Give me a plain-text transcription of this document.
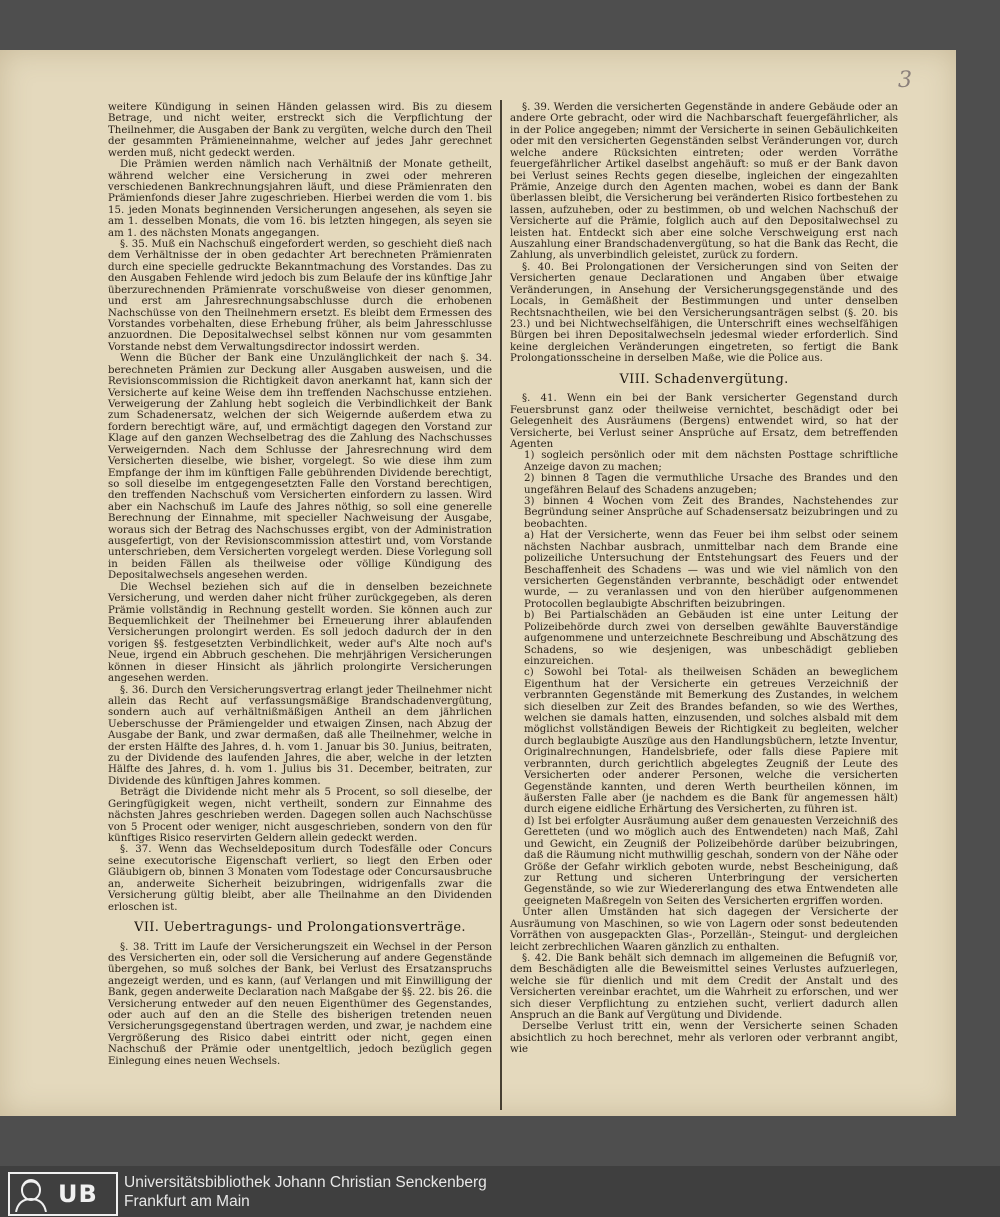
3

weitere Kündigung in seinen Händen gelassen wird. Bis zu diesem Betrage, und nicht weiter, erstreckt sich die Verpflichtung der Theilnehmer, die Ausgaben der Bank zu vergüten, welche durch den Theil der gesammten Prämieneinnahme, welcher auf jedes Jahr gerechnet werden muß, nicht gedeckt werden.

Die Prämien werden nämlich nach Verhältniß der Monate getheilt, während welcher eine Versicherung in zwei oder mehreren verschiedenen Bankrechnungsjahren läuft, und diese Prämienraten den Prämienfonds dieser Jahre zugeschrieben. Hierbei werden die vom 1. bis 15. jeden Monats beginnenden Versicherungen angesehen, als seyen sie am 1. desselben Monats, die vom 16. bis letzten hingegen, als seyen sie am 1. des nächsten Monats angegangen.

§. 35. Muß ein Nachschuß eingefordert werden, so geschieht dieß nach dem Verhältnisse der in oben gedachter Art berechneten Prämienraten durch eine specielle gedruckte Bekanntmachung des Vorstandes. Das zu den Ausgaben Fehlende wird jedoch bis zum Belaufe der ins künftige Jahr überzurechnenden Prämienrate vorschußweise von dieser genommen, und erst am Jahresrechnungsabschlusse durch die erhobenen Nachschüsse von den Theilnehmern ersetzt. Es bleibt dem Ermessen des Vorstandes vorbehalten, diese Erhebung früher, als beim Jahresschlusse anzuordnen. Die Depositalwechsel selbst können nur vom gesammten Vorstande nebst dem Verwaltungsdirector indossirt werden.

Wenn die Bücher der Bank eine Unzulänglichkeit der nach §. 34. berechneten Prämien zur Deckung aller Ausgaben ausweisen, und die Revisionscommission die Richtigkeit davon anerkannt hat, kann sich der Versicherte auf keine Weise dem ihn treffenden Nachschusse entziehen. Verweigerung der Zahlung hebt sogleich die Verbindlichkeit der Bank zum Schadenersatz, welchen der sich Weigernde außerdem etwa zu fordern berechtigt wäre, auf, und ermächtigt dagegen den Vorstand zur Klage auf den ganzen Wechselbetrag des die Zahlung des Nachschusses Verweigernden. Nach dem Schlusse der Jahresrechnung wird dem Versicherten dieselbe, wie bisher, vorgelegt. So wie diese ihm zum Empfange der ihm im künftigen Falle gebührenden Dividende berechtigt, so soll dieselbe im entgegengesetzten Falle den Vorstand berechtigen, den treffenden Nachschuß vom Versicherten einfordern zu lassen. Wird aber ein Nachschuß im Laufe des Jahres nöthig, so soll eine generelle Berechnung der Einnahme, mit specieller Nachweisung der Ausgabe, woraus sich der Betrag des Nachschusses ergibt, von der Administration ausgefertigt, von der Revisionscommission attestirt und, vom Vorstande unterschrieben, dem Versicherten vorgelegt werden. Diese Vorlegung soll in beiden Fällen als theilweise oder völlige Kündigung des Depositalwechsels angesehen werden.

Die Wechsel beziehen sich auf die in denselben bezeichnete Versicherung, und werden daher nicht früher zurückgegeben, als deren Prämie vollständig in Rechnung gestellt worden. Sie können auch zur Bequemlichkeit der Theilnehmer bei Erneuerung ihrer ablaufenden Versicherungen prolongirt werden. Es soll jedoch dadurch der in den vorigen §§. festgesetzten Verbindlichkeit, weder auf's Alte noch auf's Neue, irgend ein Abbruch geschehen. Die mehrjährigen Versicherungen können in dieser Hinsicht als jährlich prolongirte Versicherungen angesehen werden.

§. 36. Durch den Versicherungsvertrag erlangt jeder Theilnehmer nicht allein das Recht auf verfassungsmäßige Brandschadenvergütung, sondern auch auf verhältnißmäßigen Antheil an dem jährlichen Ueberschusse der Prämiengelder und etwaigen Zinsen, nach Abzug der Ausgabe der Bank, und zwar dermaßen, daß alle Theilnehmer, welche in der ersten Hälfte des Jahres, d. h. vom 1. Januar bis 30. Junius, beitraten, zu der Dividende des laufenden Jahres, die aber, welche in der letzten Hälfte des Jahres, d. h. vom 1. Julius bis 31. December, beitraten, zur Dividende des künftigen Jahres kommen.

Beträgt die Dividende nicht mehr als 5 Procent, so soll dieselbe, der Geringfügigkeit wegen, nicht vertheilt, sondern zur Einnahme des nächsten Jahres geschrieben werden. Dagegen sollen auch Nachschüsse von 5 Procent oder weniger, nicht ausgeschrieben, sondern von den für künftiges Risico reservirten Geldern allein gedeckt werden.

§. 37. Wenn das Wechseldepositum durch Todesfälle oder Concurs seine executorische Eigenschaft verliert, so liegt den Erben oder Gläubigern ob, binnen 3 Monaten vom Todestage oder Concursausbruche an, anderweite Sicherheit beizubringen, widrigenfalls zwar die Versicherung gültig bleibt, aber alle Theilnahme an den Dividenden erloschen ist.

VII. Uebertragungs- und Prolongationsverträge.

§. 38. Tritt im Laufe der Versicherungszeit ein Wechsel in der Person des Versicherten ein, oder soll die Versicherung auf andere Gegenstände übergehen, so muß solches der Bank, bei Verlust des Ersatzanspruchs angezeigt werden, und es kann, (auf Verlangen und mit Einwilligung der Bank, gegen anderweite Declaration nach Maßgabe der §§. 22. bis 26. die Versicherung entweder auf den neuen Eigenthümer des Gegenstandes, oder auch auf den an die Stelle des bisherigen tretenden neuen Versicherungsgegenstand übertragen werden, und zwar, je nachdem eine Vergrößerung des Risico dabei eintritt oder nicht, gegen einen Nachschuß der Prämie oder unentgeltlich, jedoch bezüglich gegen Einlegung eines neuen Wechsels.

§. 39. Werden die versicherten Gegenstände in andere Gebäude oder an andere Orte gebracht, oder wird die Nachbarschaft feuergefährlicher, als in der Police angegeben; nimmt der Versicherte in seinen Gebäulichkeiten oder mit den versicherten Gegenständen selbst Veränderungen vor, durch welche andere Rücksichten eintreten; oder werden Vorräthe feuergefährlicher Artikel daselbst angehäuft: so muß er der Bank davon bei Verlust seines Rechts gegen dieselbe, ingleichen der eingezahlten Prämie, Anzeige durch den Agenten machen, wobei es dann der Bank überlassen bleibt, die Versicherung bei veränderten Risico fortbestehen zu lassen, aufzuheben, oder zu bestimmen, ob und welchen Nachschuß der Versicherte auf die Prämie, folglich auch auf den Depositalwechsel zu leisten hat. Entdeckt sich aber eine solche Verschweigung erst nach Auszahlung einer Brandschadenvergütung, so hat die Bank das Recht, die Zahlung, als unverbindlich geleistet, zurück zu fordern.

§. 40. Bei Prolongationen der Versicherungen sind von Seiten der Versicherten genaue Declarationen und Angaben über etwaige Veränderungen, in Ansehung der Versicherungsgegenstände und des Locals, in Gemäßheit der Bestimmungen und unter denselben Rechtsnachtheilen, wie bei den Versicherungsanträgen selbst (§. 20. bis 23.) und bei Nichtwechselfähigen, die Unterschrift eines wechselfähigen Bürgen bei ihren Depositalwechseln jedesmal wieder erforderlich. Sind keine dergleichen Veränderungen eingetreten, so fertigt die Bank Prolongationsscheine in derselben Maße, wie die Police aus.

VIII. Schadenvergütung.

§. 41. Wenn ein bei der Bank versicherter Gegenstand durch Feuersbrunst ganz oder theilweise vernichtet, beschädigt oder bei Gelegenheit des Ausräumens (Bergens) entwendet wird, so hat der Versicherte, bei Verlust seiner Ansprüche auf Ersatz, dem betreffenden Agenten

1) sogleich persönlich oder mit dem nächsten Posttage schriftliche Anzeige davon zu machen;

2) binnen 8 Tagen die vermuthliche Ursache des Brandes und den ungefähren Belauf des Schadens anzugeben;

3) binnen 4 Wochen vom Zeit des Brandes, Nachstehendes zur Begründung seiner Ansprüche auf Schadensersatz beizubringen und zu beobachten.

a) Hat der Versicherte, wenn das Feuer bei ihm selbst oder seinem nächsten Nachbar ausbrach, unmittelbar nach dem Brande eine polizeiliche Untersuchung der Entstehungsart des Feuers und der Beschaffenheit des Schadens — was und wie viel nämlich von den versicherten Gegenständen verbrannte, beschädigt oder entwendet wurde, — zu veranlassen und von den hierüber aufgenommenen Protocollen beglaubigte Abschriften beizubringen.

b) Bei Partialschäden an Gebäuden ist eine unter Leitung der Polizeibehörde durch zwei von derselben gewählte Bauverständige aufgenommene und unterzeichnete Beschreibung und Abschätzung des Schadens, so wie desjenigen, was unbeschädigt geblieben einzureichen.

c) Sowohl bei Total- als theilweisen Schäden an beweglichem Eigenthum hat der Versicherte ein getreues Verzeichniß der verbrannten Gegenstände mit Bemerkung des Zustandes, in welchem sich dieselben zur Zeit des Brandes befanden, so wie des Werthes, welchen sie damals hatten, einzusenden, und solches alsbald mit dem möglichst vollständigen Beweis der Richtigkeit zu begleiten, welcher durch beglaubigte Auszüge aus den Handlungsbüchern, letzte Inventur, Originalrechnungen, Handelsbriefe, oder falls diese Papiere mit verbrannten, durch gerichtlich abgelegtes Zeugniß der Leute des Versicherten oder anderer Personen, welche die versicherten Gegenstände kannten, und deren Werth beurtheilen können, im äußersten Falle aber (je nachdem es die Bank für angemessen hält) durch eigene eidliche Erhärtung des Versicherten, zu führen ist.

d) Ist bei erfolgter Ausräumung außer dem genauesten Verzeichniß des Geretteten (und wo möglich auch des Entwendeten) nach Maß, Zahl und Gewicht, ein Zeugniß der Polizeibehörde darüber beizubringen, daß die Räumung nicht muthwillig geschah, sondern von der Nähe oder Größe der Gefahr wirklich geboten wurde, nebst Bescheinigung, daß zur Rettung und sicheren Unterbringung der versicherten Gegenstände, so wie zur Wiedererlangung des etwa Entwendeten alle geeigneten Maßregeln von Seiten des Versicherten ergriffen worden.

Unter allen Umständen hat sich dagegen der Versicherte der Ausräumung von Maschinen, so wie von Lagern oder sonst bedeutenden Vorräthen von ausgepackten Glas-, Porzellän-, Steingut- und dergleichen leicht zerbrechlichen Waaren gänzlich zu enthalten.

§. 42. Die Bank behält sich demnach im allgemeinen die Befugniß vor, dem Beschädigten alle die Beweismittel seines Verlustes aufzuerlegen, welche sie für dienlich und mit dem Credit der Anstalt und des Versicherten vereinbar erachtet, um die Wahrheit zu erforschen, und wer sich dieser Verpflichtung zu entziehen sucht, verliert dadurch allen Anspruch an die Bank auf Vergütung und Dividende.

Derselbe Verlust tritt ein, wenn der Versicherte seinen Schaden absichtlich zu hoch berechnet, mehr als verloren oder verbrannt angibt, wie

UB Universitätsbibliothek Johann Christian Senckenberg
Frankfurt am Main
